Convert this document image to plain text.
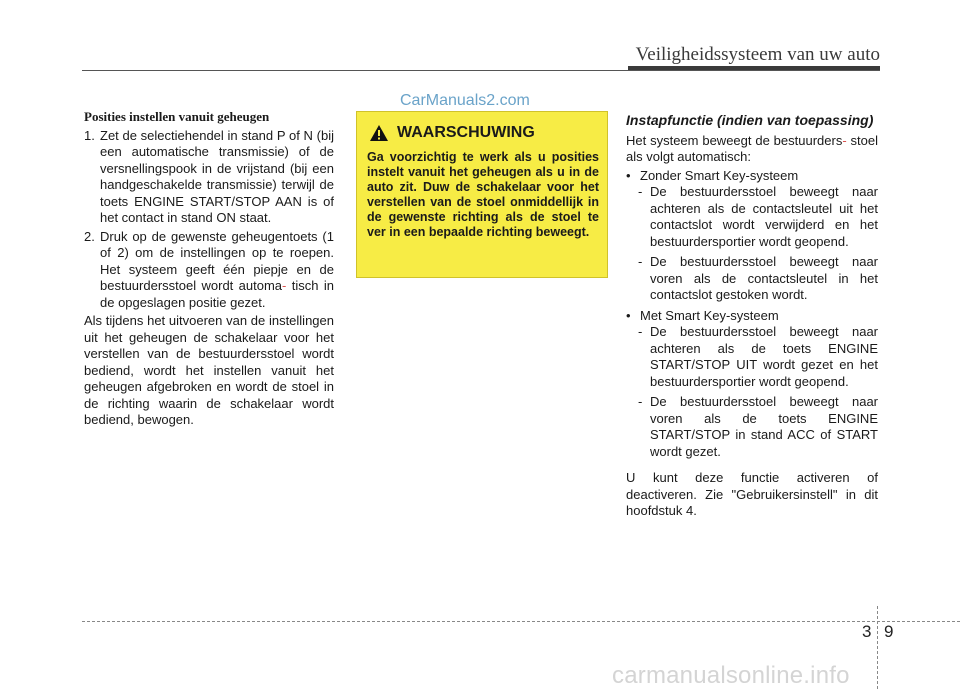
Veiligheidssysteem van uw auto
CarManuals2.com
Posities instellen vanuit geheugen
1. Zet de selectiehendel in stand P of N (bij een automatische transmissie) of de versnellingspook in de vrijstand (bij een handgeschakelde transmissie) terwijl de toets ENGINE START/STOP AAN is of het contact in stand ON staat.
2. Druk op de gewenste geheugentoets (1 of 2) om de instellingen op te roepen. Het systeem geeft één piepje en de bestuurdersstoel wordt automa- tisch in de opgeslagen positie gezet.

Als tijdens het uitvoeren van de instellingen uit het geheugen de schakelaar voor het verstellen van de bestuurdersstoel wordt bediend, wordt het instellen vanuit het geheugen afgebroken en wordt de stoel in de richting waarin de schakelaar wordt bediend, bewogen.

WAARSCHUWING
Ga voorzichtig te werk als u posities instelt vanuit het geheugen als u in de auto zit. Duw de schakelaar voor het verstellen van de stoel onmiddellijk in de gewenste richting als de stoel te ver in een bepaalde richting beweegt.
Instapfunctie (indien van toepassing)

Het systeem beweegt de bestuurders- stoel als volgt automatisch:

• Zonder Smart Key-systeem
- De bestuurdersstoel beweegt naar achteren als de contactsleutel uit het contactslot wordt verwijderd en het bestuurdersportier wordt geopend.
- De bestuurdersstoel beweegt naar voren als de contactsleutel in het contactslot gestoken wordt.
• Met Smart Key-systeem
- De bestuurdersstoel beweegt naar achteren als de toets ENGINE START/STOP UIT wordt gezet en het bestuurdersportier wordt geopend.
- De bestuurdersstoel beweegt naar voren als de toets ENGINE START/STOP in stand ACC of START wordt gezet.

U kunt deze functie activeren of deactiveren. Zie "Gebruikersinstell" in dit hoofdstuk 4.

3 9
carmanualsonline.info
